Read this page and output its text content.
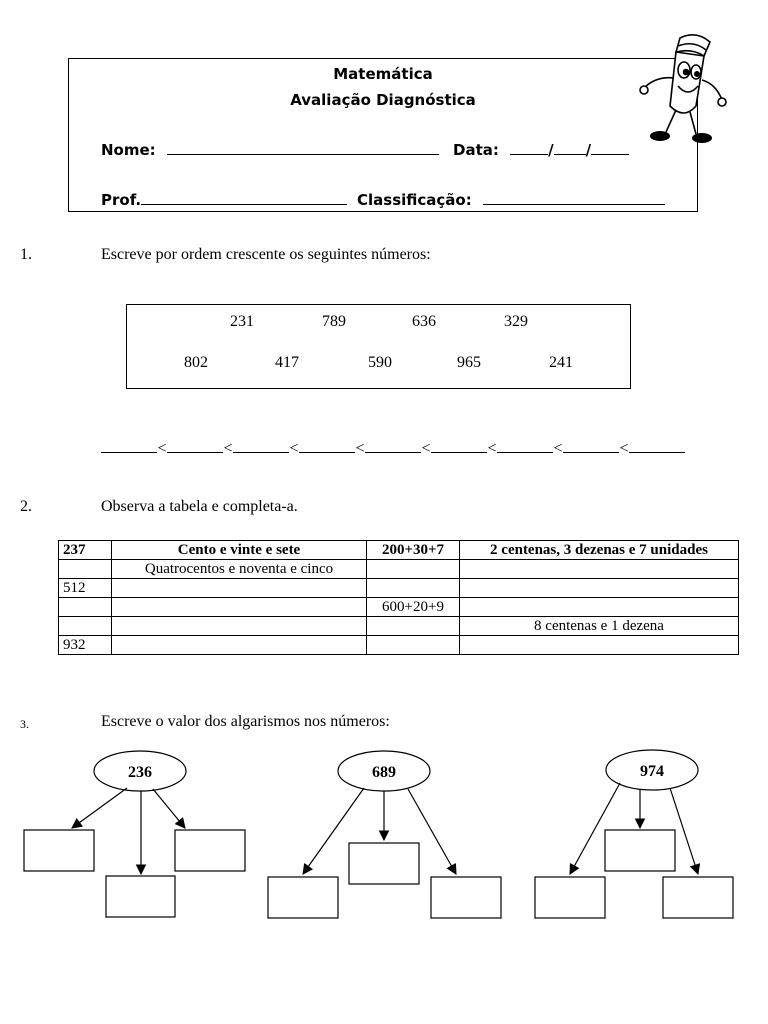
Matemática
Avaliação Diagnóstica
Nome:	Data:	/ /
Prof.	Classificação:
1.	Escreve por ordem crescente os seguintes números:
231	789	636	329
802	417	590	965	241
<	<	<	<	<	<	<	<
2.	Observa a tabela e completa-a.
237	Cento e vinte e sete	200+30+7	2 centenas, 3 dezenas e 7 unidades
	Quatrocentos e noventa e cinco		
512			
		600+20+9	
			8 centenas e 1 dezena
932			
3.	Escreve o valor dos algarismos nos números:
236	689	974
